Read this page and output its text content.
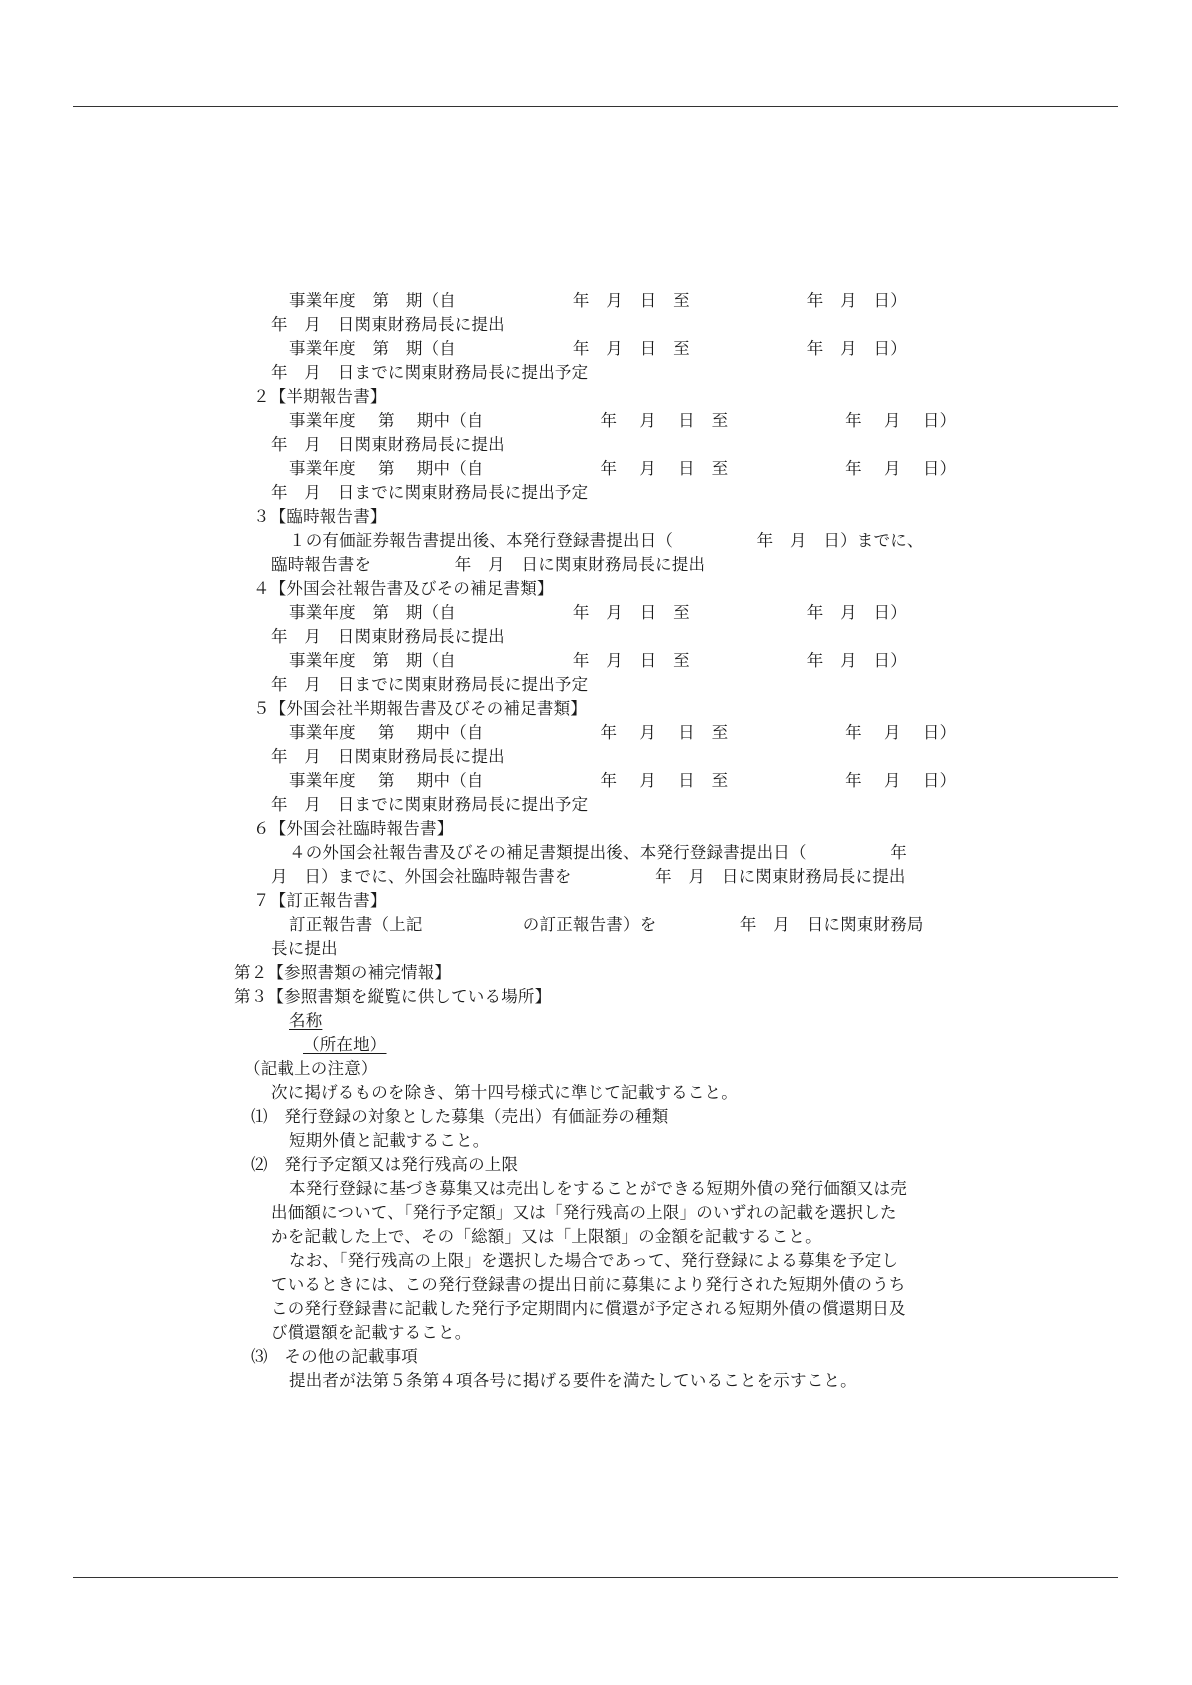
事業年度　第　期（自　　　　　　　年　月　日　至　　　　　　　年　月　日）
年　月　日関東財務局長に提出
事業年度　第　期（自　　　　　　　年　月　日　至　　　　　　　年　月　日）
年　月　日までに関東財務局長に提出予定
２【半期報告書】
事業年度　 第　 期中（自　　　　　　　年　 月　 日　至　　　　　　　年　 月　 日）
年　月　日関東財務局長に提出
事業年度　 第　 期中（自　　　　　　　年　 月　 日　至　　　　　　　年　 月　 日）
年　月　日までに関東財務局長に提出予定
３【臨時報告書】
１の有価証券報告書提出後、本発行登録書提出日（　　　　　年　月　日）までに、
臨時報告書を　　　　　年　月　日に関東財務局長に提出
４【外国会社報告書及びその補足書類】
事業年度　第　期（自　　　　　　　年　月　日　至　　　　　　　年　月　日）
年　月　日関東財務局長に提出
事業年度　第　期（自　　　　　　　年　月　日　至　　　　　　　年　月　日）
年　月　日までに関東財務局長に提出予定
５【外国会社半期報告書及びその補足書類】
事業年度　 第　 期中（自　　　　　　　年　 月　 日　至　　　　　　　年　 月　 日）
年　月　日関東財務局長に提出
事業年度　 第　 期中（自　　　　　　　年　 月　 日　至　　　　　　　年　 月　 日）
年　月　日までに関東財務局長に提出予定
６【外国会社臨時報告書】
４の外国会社報告書及びその補足書類提出後、本発行登録書提出日（　　　　　年
月　日）までに、外国会社臨時報告書を　　　　　年　月　日に関東財務局長に提出
７【訂正報告書】
訂正報告書（上記　　　　　　の訂正報告書）を　　　　　年　月　日に関東財務局
長に提出
第２【参照書類の補完情報】
第３【参照書類を縦覧に供している場所】
名称
（所在地）
（記載上の注意）
次に掲げるものを除き、第十四号様式に準じて記載すること。
⑴　発行登録の対象とした募集（売出）有価証券の種類
短期外債と記載すること。
⑵　発行予定額又は発行残高の上限
本発行登録に基づき募集又は売出しをすることができる短期外債の発行価額又は売
出価額について、「発行予定額」又は「発行残高の上限」のいずれの記載を選択した
かを記載した上で、その「総額」又は「上限額」の金額を記載すること。
なお、「発行残高の上限」を選択した場合であって、発行登録による募集を予定し
ているときには、この発行登録書の提出日前に募集により発行された短期外債のうち
この発行登録書に記載した発行予定期間内に償還が予定される短期外債の償還期日及
び償還額を記載すること。
⑶　その他の記載事項
提出者が法第５条第４項各号に掲げる要件を満たしていることを示すこと。
